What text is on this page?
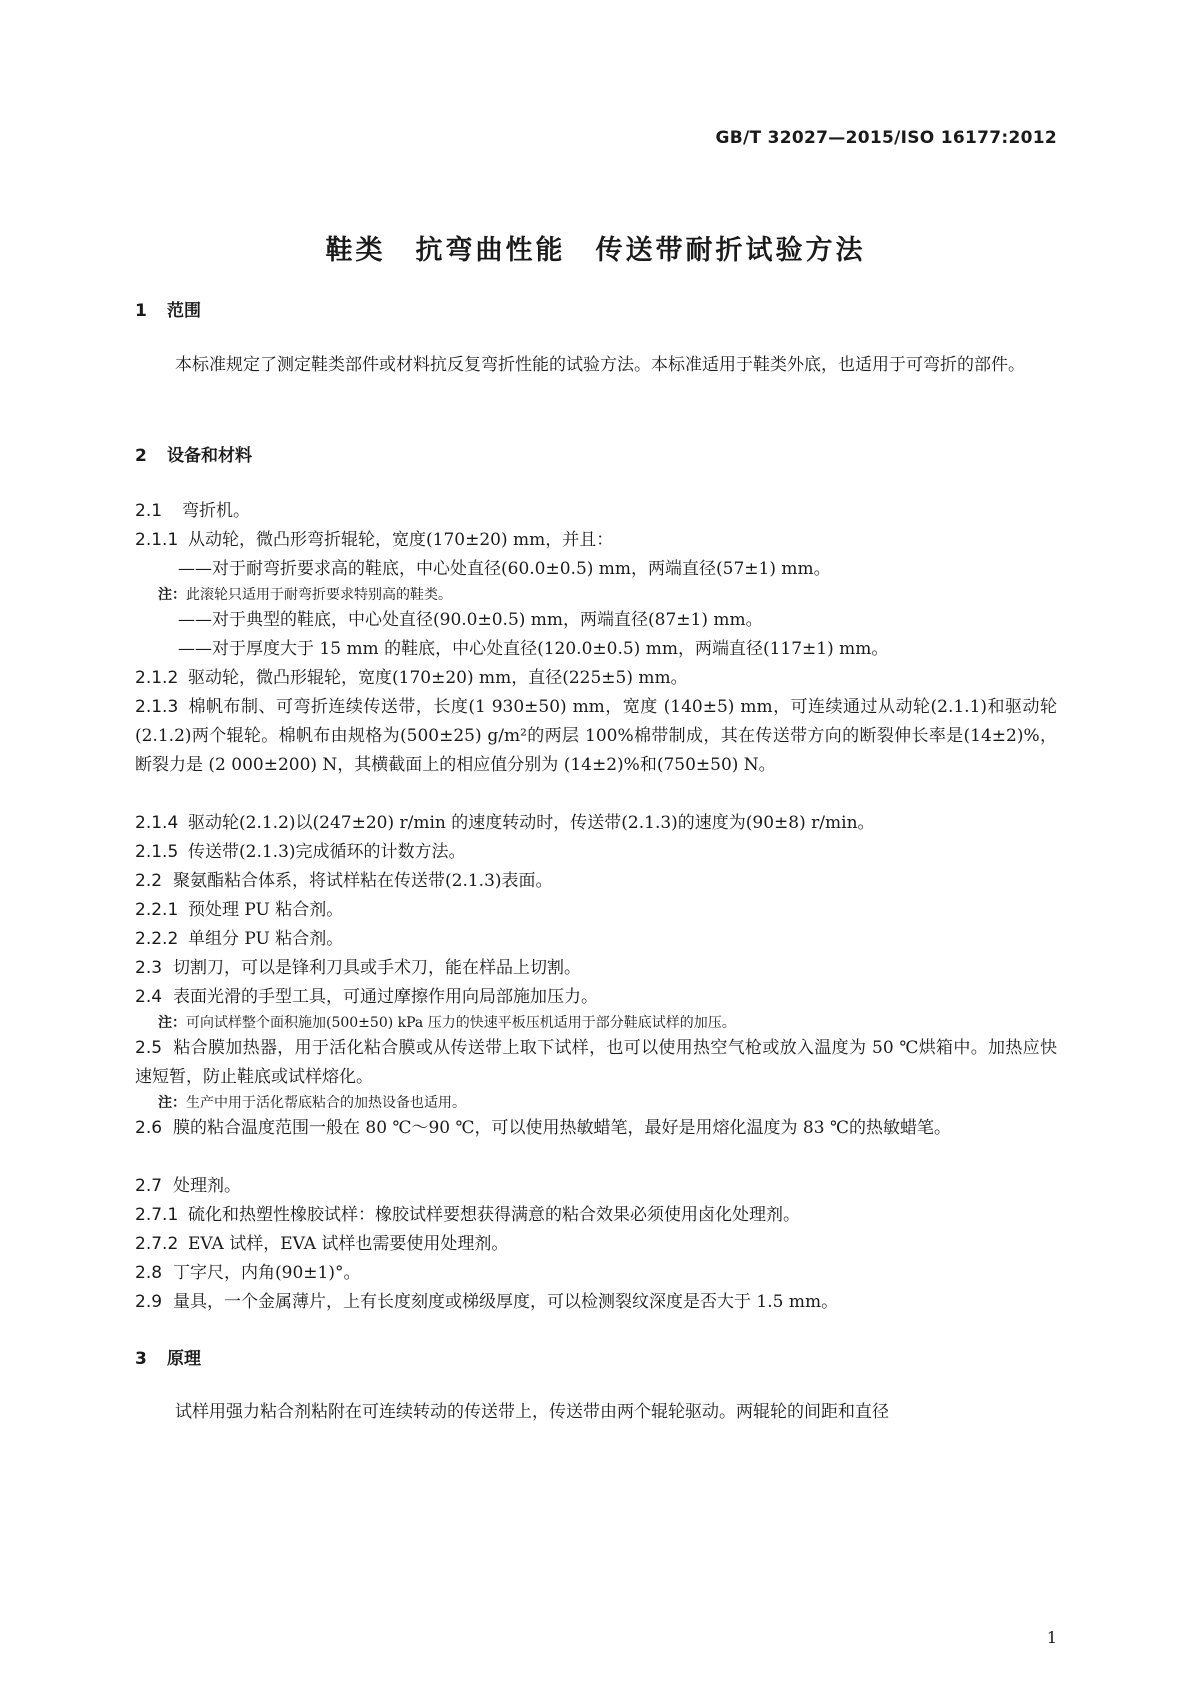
GB/T 32027—2015/ISO 16177:2012
鞋类　抗弯曲性能　传送带耐折试验方法
1 范围
本标准规定了测定鞋类部件或材料抗反复弯折性能的试验方法。本标准适用于鞋类外底，也适用于可弯折的部件。
2 设备和材料
2.1 弯折机。
2.1.1 从动轮，微凸形弯折辊轮，宽度(170±20) mm，并且：
——对于耐弯折要求高的鞋底，中心处直径(60.0±0.5) mm，两端直径(57±1) mm。
注：此滚轮只适用于耐弯折要求特别高的鞋类。
——对于典型的鞋底，中心处直径(90.0±0.5) mm，两端直径(87±1) mm。
——对于厚度大于 15 mm 的鞋底，中心处直径(120.0±0.5) mm，两端直径(117±1) mm。
2.1.2 驱动轮，微凸形辊轮，宽度(170±20) mm，直径(225±5) mm。
2.1.3 棉帆布制、可弯折连续传送带，长度(1 930±50) mm，宽度 (140±5) mm，可连续通过从动轮(2.1.1)和驱动轮(2.1.2)两个辊轮。棉帆布由规格为(500±25) g/m²的两层 100%棉带制成，其在传送带方向的断裂伸长率是(14±2)%，断裂力是 (2 000±200) N，其横截面上的相应值分别为 (14±2)%和(750±50) N。
2.1.4 驱动轮(2.1.2)以(247±20) r/min 的速度转动时，传送带(2.1.3)的速度为(90±8) r/min。
2.1.5 传送带(2.1.3)完成循环的计数方法。
2.2 聚氨酯粘合体系，将试样粘在传送带(2.1.3)表面。
2.2.1 预处理 PU 粘合剂。
2.2.2 单组分 PU 粘合剂。
2.3 切割刀，可以是锋利刀具或手术刀，能在样品上切割。
2.4 表面光滑的手型工具，可通过摩擦作用向局部施加压力。
注：可向试样整个面积施加(500±50) kPa 压力的快速平板压机适用于部分鞋底试样的加压。
2.5 粘合膜加热器，用于活化粘合膜或从传送带上取下试样，也可以使用热空气枪或放入温度为 50 ℃烘箱中。加热应快速短暂，防止鞋底或试样熔化。
注：生产中用于活化帮底粘合的加热设备也适用。
2.6 膜的粘合温度范围一般在 80 ℃～90 ℃，可以使用热敏蜡笔，最好是用熔化温度为 83 ℃的热敏蜡笔。
2.7 处理剂。
2.7.1 硫化和热塑性橡胶试样：橡胶试样要想获得满意的粘合效果必须使用卤化处理剂。
2.7.2 EVA 试样，EVA 试样也需要使用处理剂。
2.8 丁字尺，内角(90±1)°。
2.9 量具，一个金属薄片，上有长度刻度或梯级厚度，可以检测裂纹深度是否大于 1.5 mm。
3 原理
试样用强力粘合剂粘附在可连续转动的传送带上，传送带由两个辊轮驱动。两辊轮的间距和直径
1
